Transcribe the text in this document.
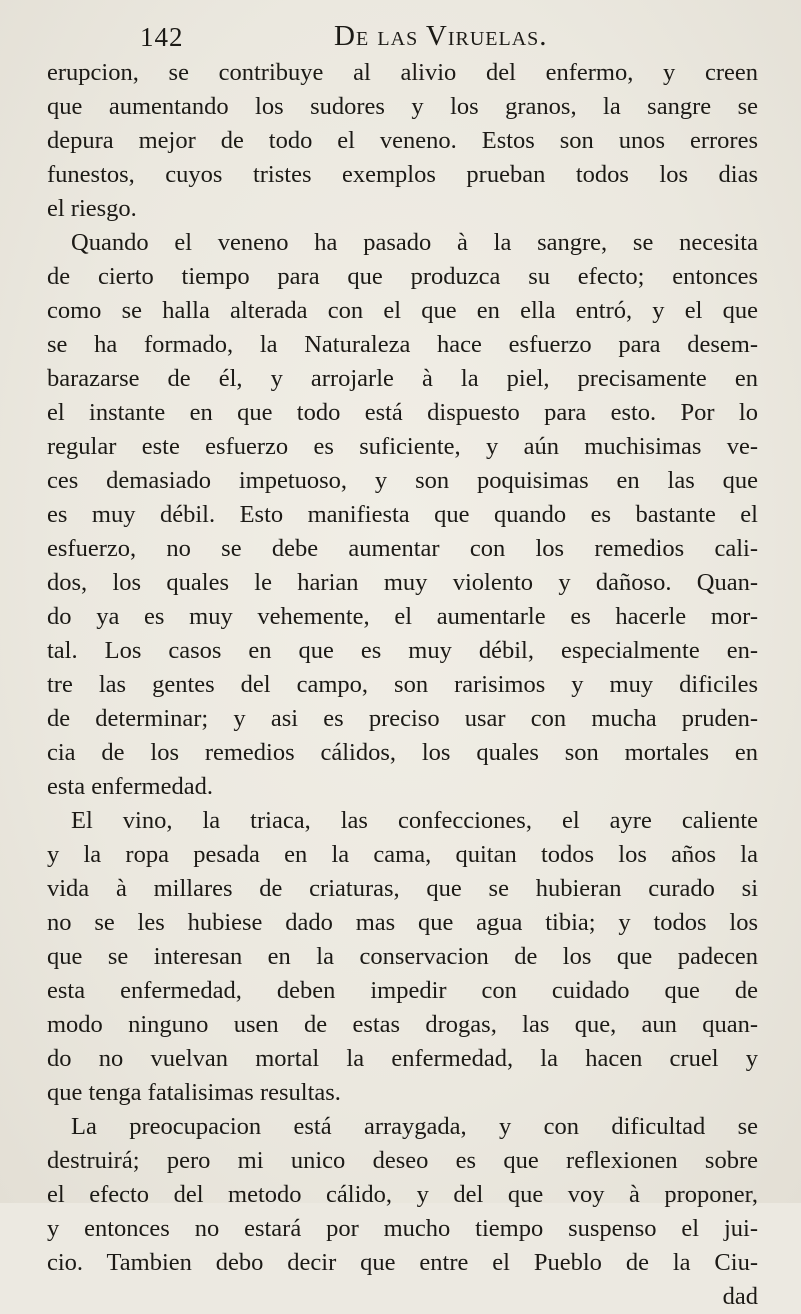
142	De las Viruelas.
erupcion, se contribuye al alivio del enfermo, y creen
que aumentando los sudores y los granos, la sangre se
depura mejor de todo el veneno. Estos son unos errores
funestos, cuyos tristes exemplos prueban todos los dias
el riesgo.
Quando el veneno ha pasado à la sangre, se necesita
de cierto tiempo para que produzca su efecto; entonces
como se halla alterada con el que en ella entró, y el que
se ha formado, la Naturaleza hace esfuerzo para desem-
barazarse de él, y arrojarle à la piel, precisamente en
el instante en que todo está dispuesto para esto. Por lo
regular este esfuerzo es suficiente, y aún muchisimas ve-
ces demasiado impetuoso, y son poquisimas en las que
es muy débil. Esto manifiesta que quando es bastante el
esfuerzo, no se debe aumentar con los remedios cali-
dos, los quales le harian muy violento y dañoso. Quan-
do ya es muy vehemente, el aumentarle es hacerle mor-
tal. Los casos en que es muy débil, especialmente en-
tre las gentes del campo, son rarisimos y muy dificiles
de determinar; y asi es preciso usar con mucha pruden-
cia de los remedios cálidos, los quales son mortales en
esta enfermedad.
El vino, la triaca, las confecciones, el ayre caliente
y la ropa pesada en la cama, quitan todos los años la
vida à millares de criaturas, que se hubieran curado si
no se les hubiese dado mas que agua tibia; y todos los
que se interesan en la conservacion de los que padecen
esta enfermedad, deben impedir con cuidado que de
modo ninguno usen de estas drogas, las que, aun quan-
do no vuelvan mortal la enfermedad, la hacen cruel y
que tenga fatalisimas resultas.
La preocupacion está arraygada, y con dificultad se
destruirá; pero mi unico deseo es que reflexionen sobre
el efecto del metodo cálido, y del que voy à proponer,
y entonces no estará por mucho tiempo suspenso el jui-
cio. Tambien debo decir que entre el Pueblo de la Ciu-
dad
